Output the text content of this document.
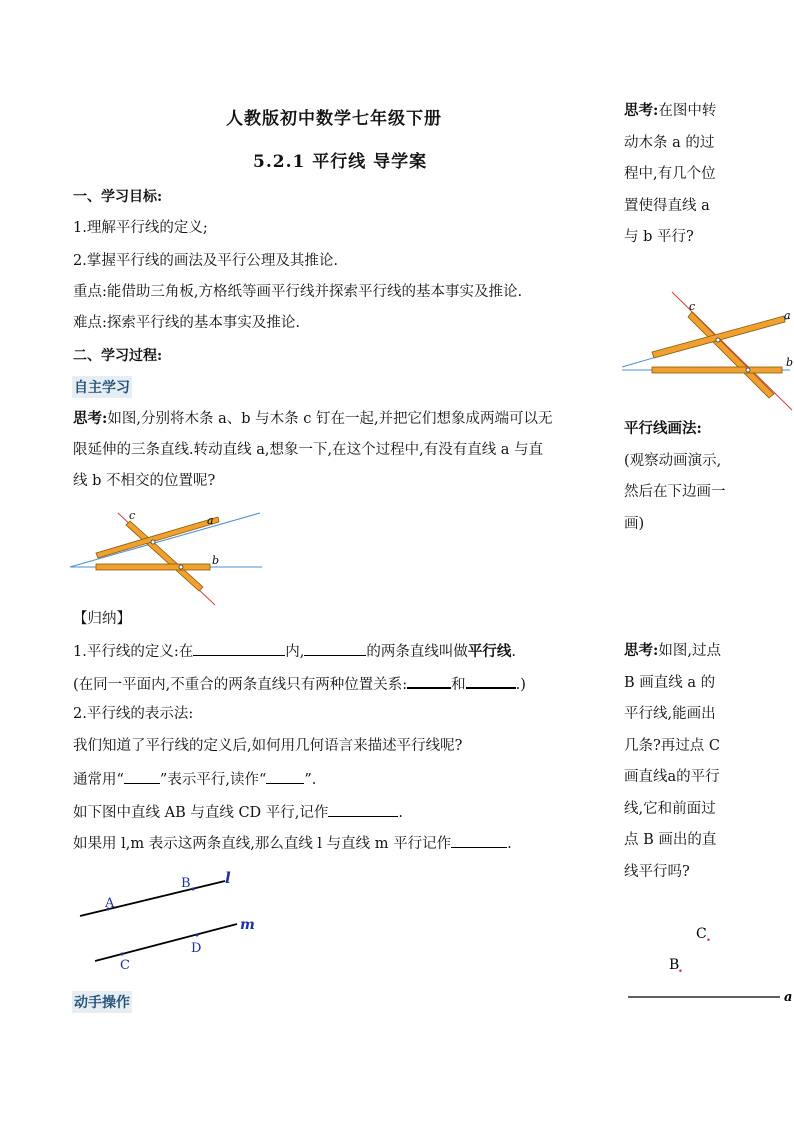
人教版初中数学七年级下册
5.2.1 平行线 导学案
一、学习目标:
1.理解平行线的定义;
2.掌握平行线的画法及平行公理及其推论.
重点:能借助三角板,方格纸等画平行线并探索平行线的基本事实及推论.
难点:探索平行线的基本事实及推论.
二、学习过程:
自主学习
思考:如图,分别将木条 a、b 与木条 c 钉在一起,并把它们想象成两端可以无
限延伸的三条直线.转动直线 a,想象一下,在这个过程中,有没有直线 a 与直
线 b 不相交的位置呢?
c	a
b
【归纳】
1.平行线的定义:在	内,	的两条直线叫做平行线.
(在同一平面内,不重合的两条直线只有两种位置关系:	和	.)
2.平行线的表示法:
我们知道了平行线的定义后,如何用几何语言来描述平行线呢?
通常用“ ”表示平行,读作“	”.
如下图中直线 AB 与直线 CD 平行,记作	.
如果用 l,m 表示这两条直线,那么直线 l 与直线 m 平行记作	.
A
B
C
D
l
m
动手操作
思考:在图中转动木条 a 的过程中,有几个位置使得直线 a 与 b 平行?
c
a
b
平行线画法:
(观察动画演示,然后在下边画一画)
思考:如图,过点 B 画直线 a 的平行线,能画出几条?再过点 C 画直线a的平行线,它和前面过点 B 画出的直线平行吗?
C .
B
.
a
